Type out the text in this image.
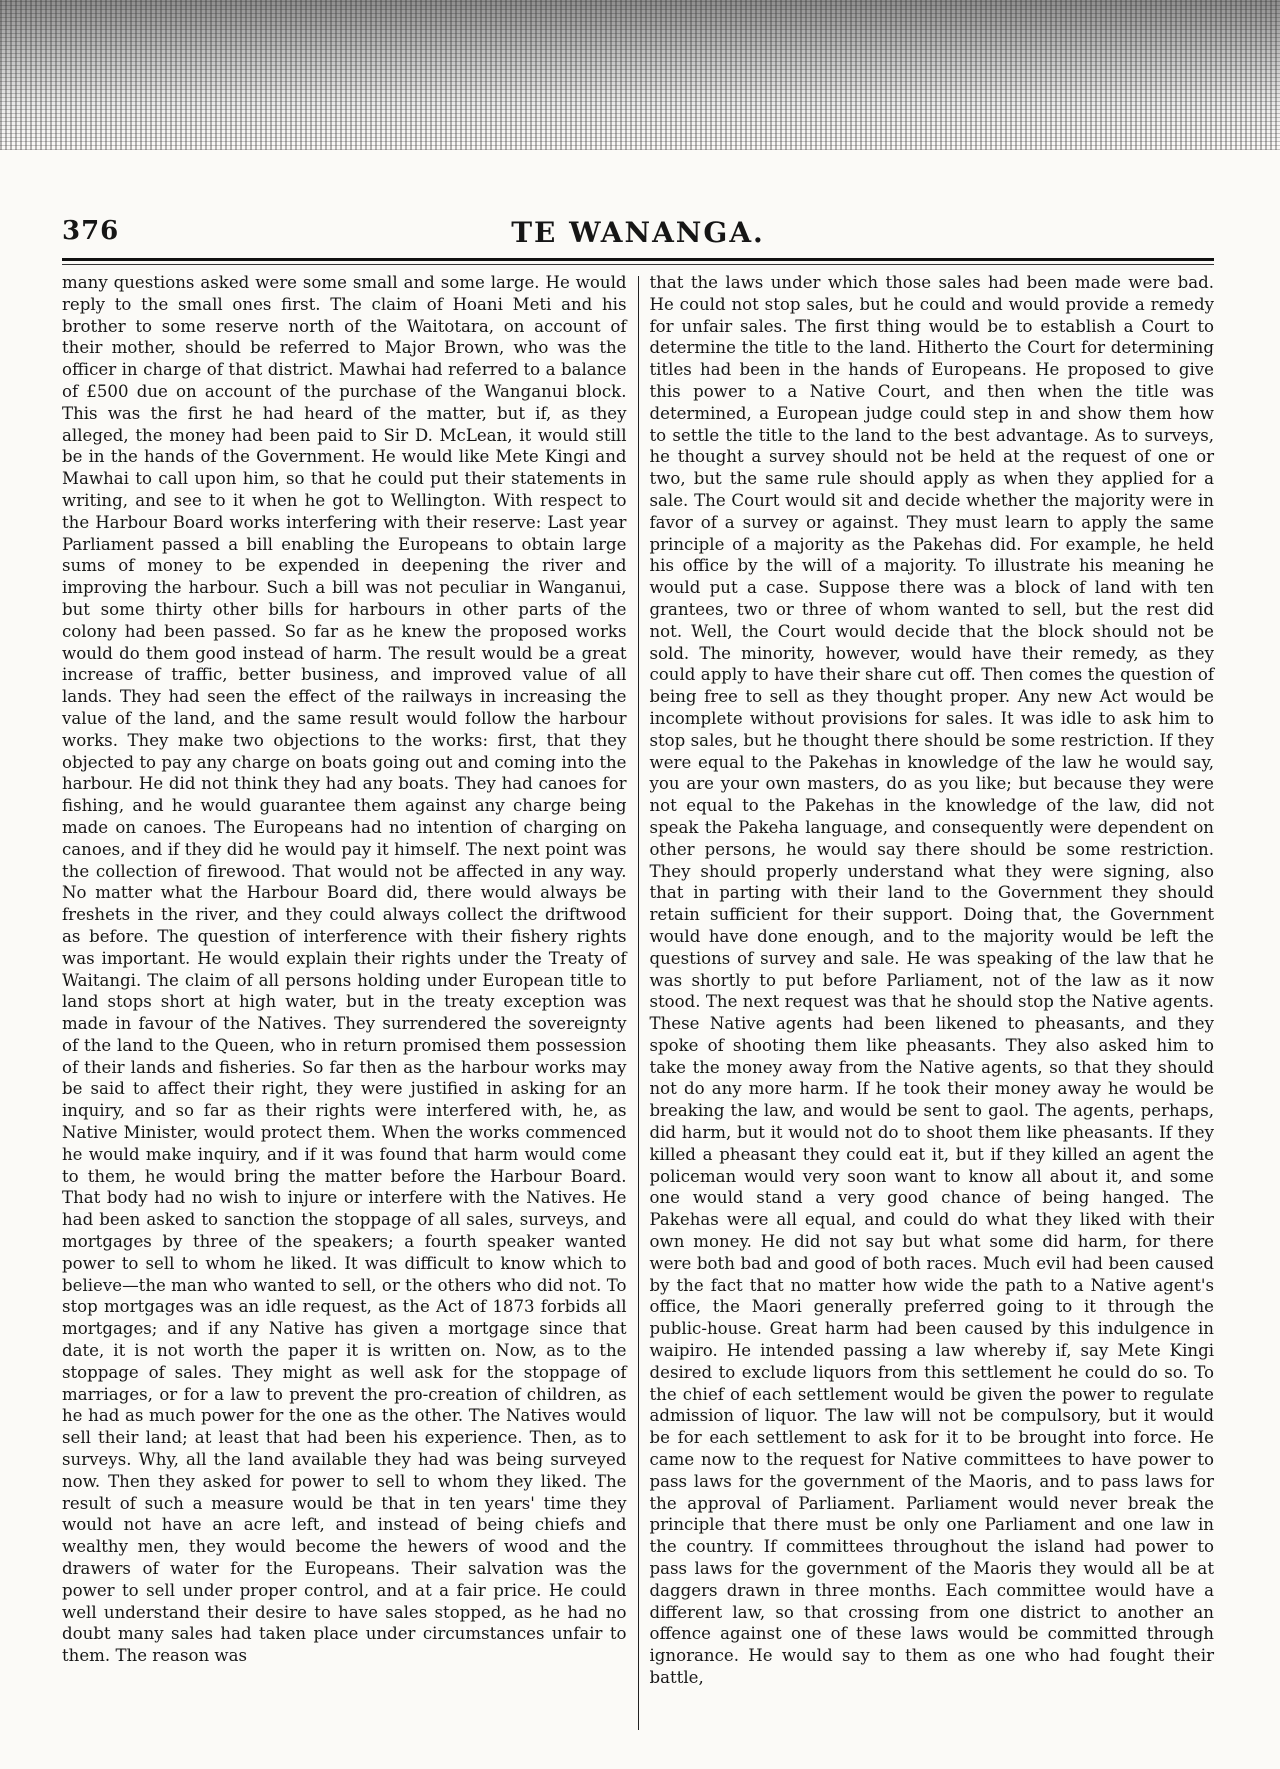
376	TE WANANGA.

many questions asked were some small and some large. He would reply to the small ones first. The claim of Hoani Meti and his brother to some reserve north of the Waitotara, on account of their mother, should be referred to Major Brown, who was the officer in charge of that district. Mawhai had referred to a balance of £500 due on account of the purchase of the Wanganui block. This was the first he had heard of the matter, but if, as they alleged, the money had been paid to Sir D. McLean, it would still be in the hands of the Government. He would like Mete Kingi and Mawhai to call upon him, so that he could put their statements in writing, and see to it when he got to Wellington. With respect to the Harbour Board works interfering with their reserve: Last year Parliament passed a bill enabling the Europeans to obtain large sums of money to be expended in deepening the river and improving the harbour. Such a bill was not peculiar in Wanganui, but some thirty other bills for harbours in other parts of the colony had been passed. So far as he knew the proposed works would do them good instead of harm. The result would be a great increase of traffic, better business, and improved value of all lands. They had seen the effect of the railways in increasing the value of the land, and the same result would follow the harbour works. They make two objections to the works: first, that they objected to pay any charge on boats going out and coming into the harbour. He did not think they had any boats. They had canoes for fishing, and he would guarantee them against any charge being made on canoes. The Europeans had no intention of charging on canoes, and if they did he would pay it himself. The next point was the collection of firewood. That would not be affected in any way. No matter what the Harbour Board did, there would always be freshets in the river, and they could always collect the driftwood as before. The question of interference with their fishery rights was important. He would explain their rights under the Treaty of Waitangi. The claim of all persons holding under European title to land stops short at high water, but in the treaty exception was made in favour of the Natives. They surrendered the sovereignty of the land to the Queen, who in return promised them possession of their lands and fisheries. So far then as the harbour works may be said to affect their right, they were justified in asking for an inquiry, and so far as their rights were interfered with, he, as Native Minister, would protect them. When the works commenced he would make inquiry, and if it was found that harm would come to them, he would bring the matter before the Harbour Board. That body had no wish to injure or interfere with the Natives. He had been asked to sanction the stoppage of all sales, surveys, and mortgages by three of the speakers; a fourth speaker wanted power to sell to whom he liked. It was difficult to know which to believe—the man who wanted to sell, or the others who did not. To stop mortgages was an idle request, as the Act of 1873 forbids all mortgages; and if any Native has given a mortgage since that date, it is not worth the paper it is written on. Now, as to the stoppage of sales. They might as well ask for the stoppage of marriages, or for a law to prevent the pro-creation of children, as he had as much power for the one as the other. The Natives would sell their land; at least that had been his experience. Then, as to surveys. Why, all the land available they had was being surveyed now. Then they asked for power to sell to whom they liked. The result of such a measure would be that in ten years' time they would not have an acre left, and instead of being chiefs and wealthy men, they would become the hewers of wood and the drawers of water for the Europeans. Their salvation was the power to sell under proper control, and at a fair price. He could well understand their desire to have sales stopped, as he had no doubt many sales had taken place under circumstances unfair to them. The reason was

that the laws under which those sales had been made were bad. He could not stop sales, but he could and would provide a remedy for unfair sales. The first thing would be to establish a Court to determine the title to the land. Hitherto the Court for determining titles had been in the hands of Europeans. He proposed to give this power to a Native Court, and then when the title was determined, a European judge could step in and show them how to settle the title to the land to the best advantage. As to surveys, he thought a survey should not be held at the request of one or two, but the same rule should apply as when they applied for a sale. The Court would sit and decide whether the majority were in favor of a survey or against. They must learn to apply the same principle of a majority as the Pakehas did. For example, he held his office by the will of a majority. To illustrate his meaning he would put a case. Suppose there was a block of land with ten grantees, two or three of whom wanted to sell, but the rest did not. Well, the Court would decide that the block should not be sold. The minority, however, would have their remedy, as they could apply to have their share cut off. Then comes the question of being free to sell as they thought proper. Any new Act would be incomplete without provisions for sales. It was idle to ask him to stop sales, but he thought there should be some restriction. If they were equal to the Pakehas in knowledge of the law he would say, you are your own masters, do as you like; but because they were not equal to the Pakehas in the knowledge of the law, did not speak the Pakeha language, and consequently were dependent on other persons, he would say there should be some restriction. They should properly understand what they were signing, also that in parting with their land to the Government they should retain sufficient for their support. Doing that, the Government would have done enough, and to the majority would be left the questions of survey and sale. He was speaking of the law that he was shortly to put before Parliament, not of the law as it now stood. The next request was that he should stop the Native agents. These Native agents had been likened to pheasants, and they spoke of shooting them like pheasants. They also asked him to take the money away from the Native agents, so that they should not do any more harm. If he took their money away he would be breaking the law, and would be sent to gaol. The agents, perhaps, did harm, but it would not do to shoot them like pheasants. If they killed a pheasant they could eat it, but if they killed an agent the policeman would very soon want to know all about it, and some one would stand a very good chance of being hanged. The Pakehas were all equal, and could do what they liked with their own money. He did not say but what some did harm, for there were both bad and good of both races. Much evil had been caused by the fact that no matter how wide the path to a Native agent's office, the Maori generally preferred going to it through the public-house. Great harm had been caused by this indulgence in waipiro. He intended passing a law whereby if, say Mete Kingi desired to exclude liquors from this settlement he could do so. To the chief of each settlement would be given the power to regulate admission of liquor. The law will not be compulsory, but it would be for each settlement to ask for it to be brought into force. He came now to the request for Native committees to have power to pass laws for the government of the Maoris, and to pass laws for the approval of Parliament. Parliament would never break the principle that there must be only one Parliament and one law in the country. If committees throughout the island had power to pass laws for the government of the Maoris they would all be at daggers drawn in three months. Each committee would have a different law, so that crossing from one district to another an offence against one of these laws would be committed through ignorance. He would say to them as one who had fought their battle,
